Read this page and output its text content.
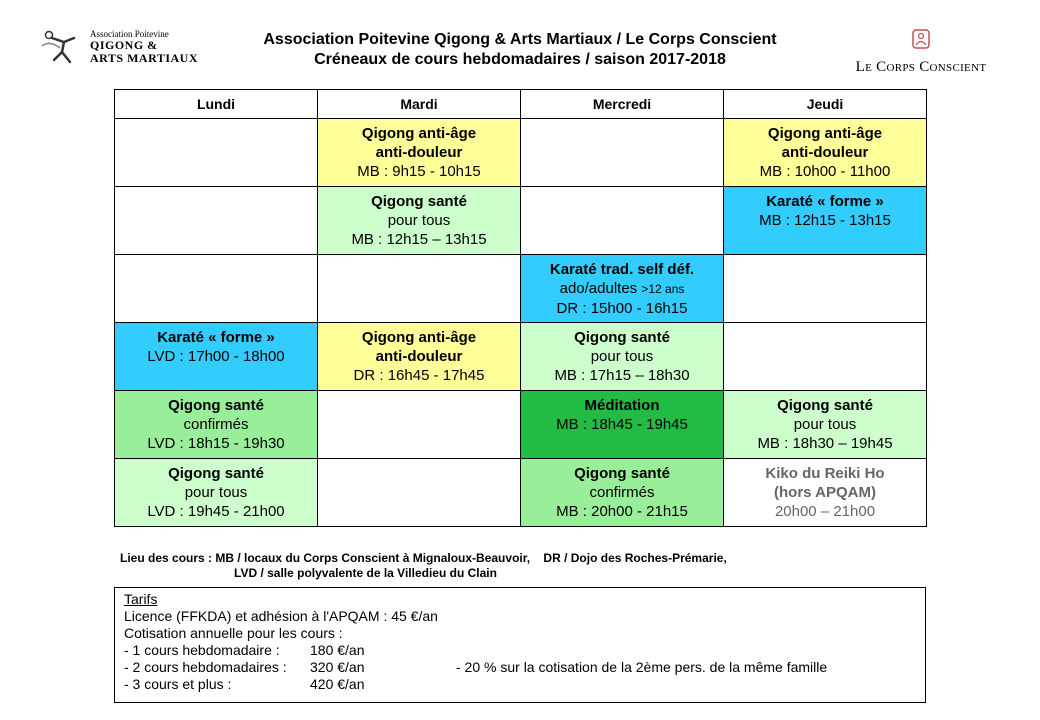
Association Poitevine
QIGONG &
ARTS MARTIAUX
Association Poitevine Qigong & Arts Martiaux / Le Corps Conscient
Créneaux de cours hebdomadaires / saison 2017-2018	Le Corps Conscient
Lundi	Mardi	Mercredi	Jeudi

	Qigong anti-âge
anti-douleur
MB : 9h15 - 10h15		Qigong anti-âge
anti-douleur
MB : 10h00 - 11h00

	Qigong santé
pour tous
MB : 12h15 – 13h15		Karaté « forme »
MB : 12h15 - 13h15

		Karaté trad. self déf.
ado/adultes >12 ans
DR : 15h00 - 16h15	

Karaté « forme »
LVD : 17h00 - 18h00	Qigong anti-âge
anti-douleur
DR : 16h45 - 17h45	Qigong santé
pour tous
MB : 17h15 – 18h30	

Qigong santé
confirmés
LVD : 18h15 - 19h30		Méditation
MB : 18h45 - 19h45	Qigong santé
pour tous
MB : 18h30 – 19h45

Qigong santé
pour tous
LVD : 19h45 - 21h00		Qigong santé
confirmés
MB : 20h00 - 21h15	Kiko du Reiki Ho
(hors APQAM)
20h00 – 21h00
Lieu des cours : MB / locaux du Corps Conscient à Mignaloux-Beauvoir,    DR / Dojo des Roches-Prémarie,
LVD / salle polyvalente de la Villedieu du Clain
Tarifs
Licence (FFKDA) et adhésion à l'APQAM : 45 €/an
Cotisation annuelle pour les cours :
- 1 cours hebdomadaire :	180 €/an
- 2 cours hebdomadaires :	320 €/an	- 20 % sur la cotisation de la 2ème pers. de la même famille
- 3 cours et plus :	420 €/an
